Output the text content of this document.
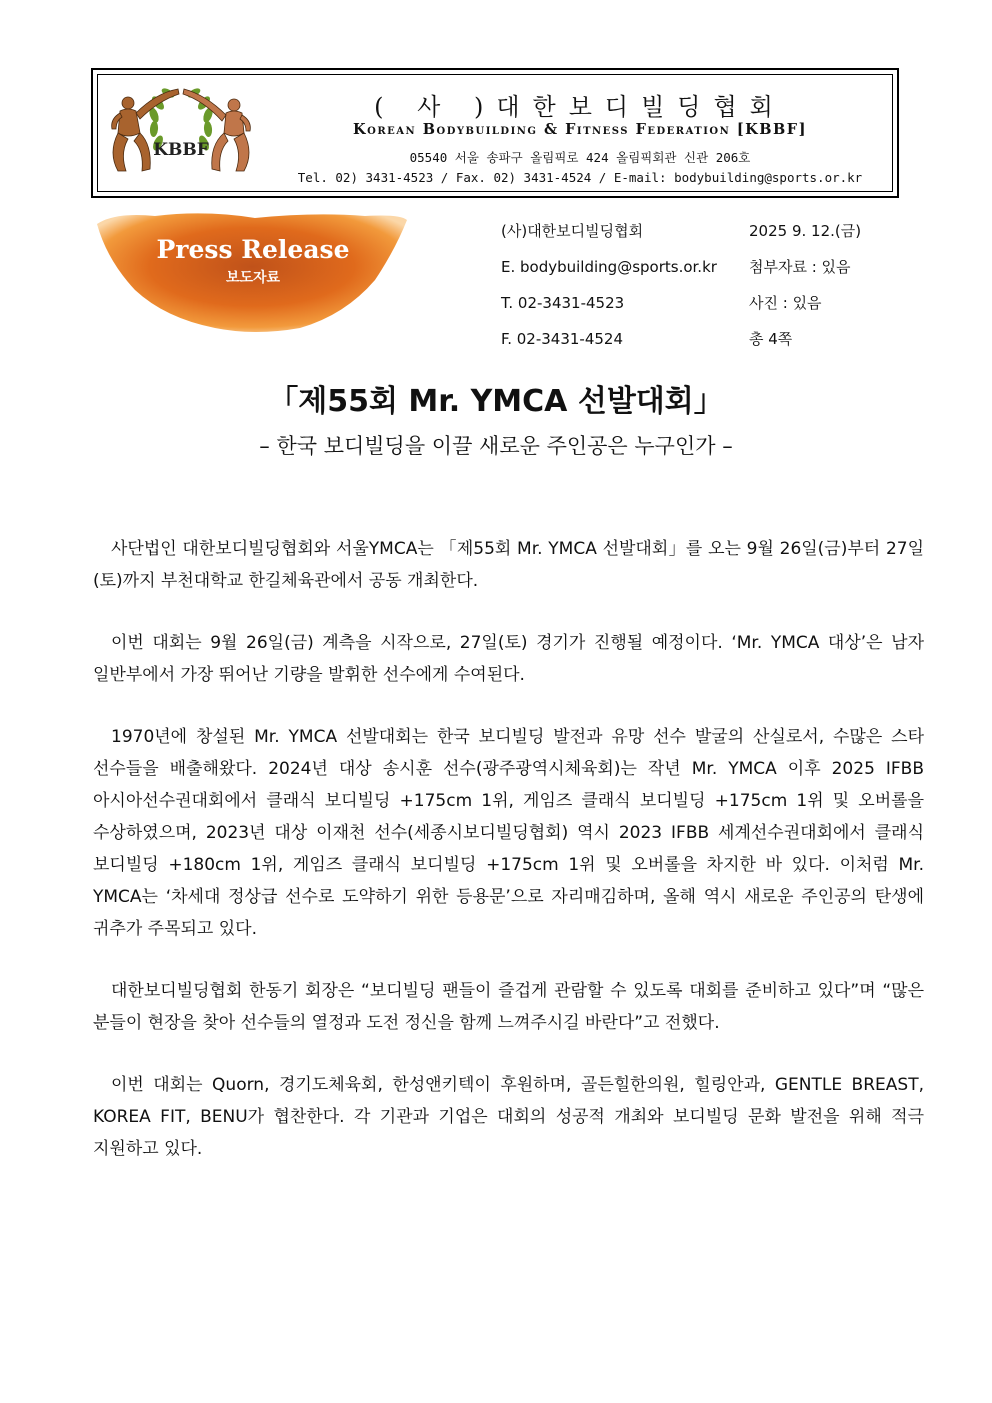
KBBF
( 사 )대한보디빌딩협회
Korean Bodybuilding & Fitness Federation [KBBF]
05540 서울 송파구 올림픽로 424 올림픽회관 신관 206호
Tel. 02) 3431-4523 / Fax. 02) 3431-4524 / E-mail: bodybuilding@sports.or.kr
Press Release
보도자료
(사)대한보디빌딩협회
E. bodybuilding@sports.or.kr
T. 02-3431-4523
F. 02-3431-4524
2025 9. 12.(금)
첨부자료 : 있음
사진 : 있음
총 4쪽
「제55회 Mr. YMCA 선발대회」
– 한국 보디빌딩을 이끌 새로운 주인공은 누구인가 –

사단법인 대한보디빌딩협회와 서울YMCA는 「제55회 Mr. YMCA 선발대회」를 오는 9월 26일(금)부터 27일(토)까지 부천대학교 한길체육관에서 공동 개최한다.

이번 대회는 9월 26일(금) 계측을 시작으로, 27일(토) 경기가 진행될 예정이다. ‘Mr. YMCA 대상’은 남자 일반부에서 가장 뛰어난 기량을 발휘한 선수에게 수여된다.

1970년에 창설된 Mr. YMCA 선발대회는 한국 보디빌딩 발전과 유망 선수 발굴의 산실로서, 수많은 스타 선수들을 배출해왔다. 2024년 대상 송시훈 선수(광주광역시체육회)는 작년 Mr. YMCA 이후 2025 IFBB 아시아선수권대회에서 클래식 보디빌딩 +175cm 1위, 게임즈 클래식 보디빌딩 +175cm 1위 및 오버롤을 수상하였으며, 2023년 대상 이재천 선수(세종시보디빌딩협회) 역시 2023 IFBB 세계선수권대회에서 클래식 보디빌딩 +180cm 1위, 게임즈 클래식 보디빌딩 +175cm 1위 및 오버롤을 차지한 바 있다. 이처럼 Mr. YMCA는 ‘차세대 정상급 선수로 도약하기 위한 등용문’으로 자리매김하며, 올해 역시 새로운 주인공의 탄생에 귀추가 주목되고 있다.

대한보디빌딩협회 한동기 회장은 “보디빌딩 팬들이 즐겁게 관람할 수 있도록 대회를 준비하고 있다”며 “많은 분들이 현장을 찾아 선수들의 열정과 도전 정신을 함께 느껴주시길 바란다”고 전했다.

이번 대회는 Quorn, 경기도체육회, 한성앤키텍이 후원하며, 골든힐한의원, 힐링안과, GENTLE BREAST, KOREA FIT, BENU가 협찬한다. 각 기관과 기업은 대회의 성공적 개최와 보디빌딩 문화 발전을 위해 적극 지원하고 있다.
